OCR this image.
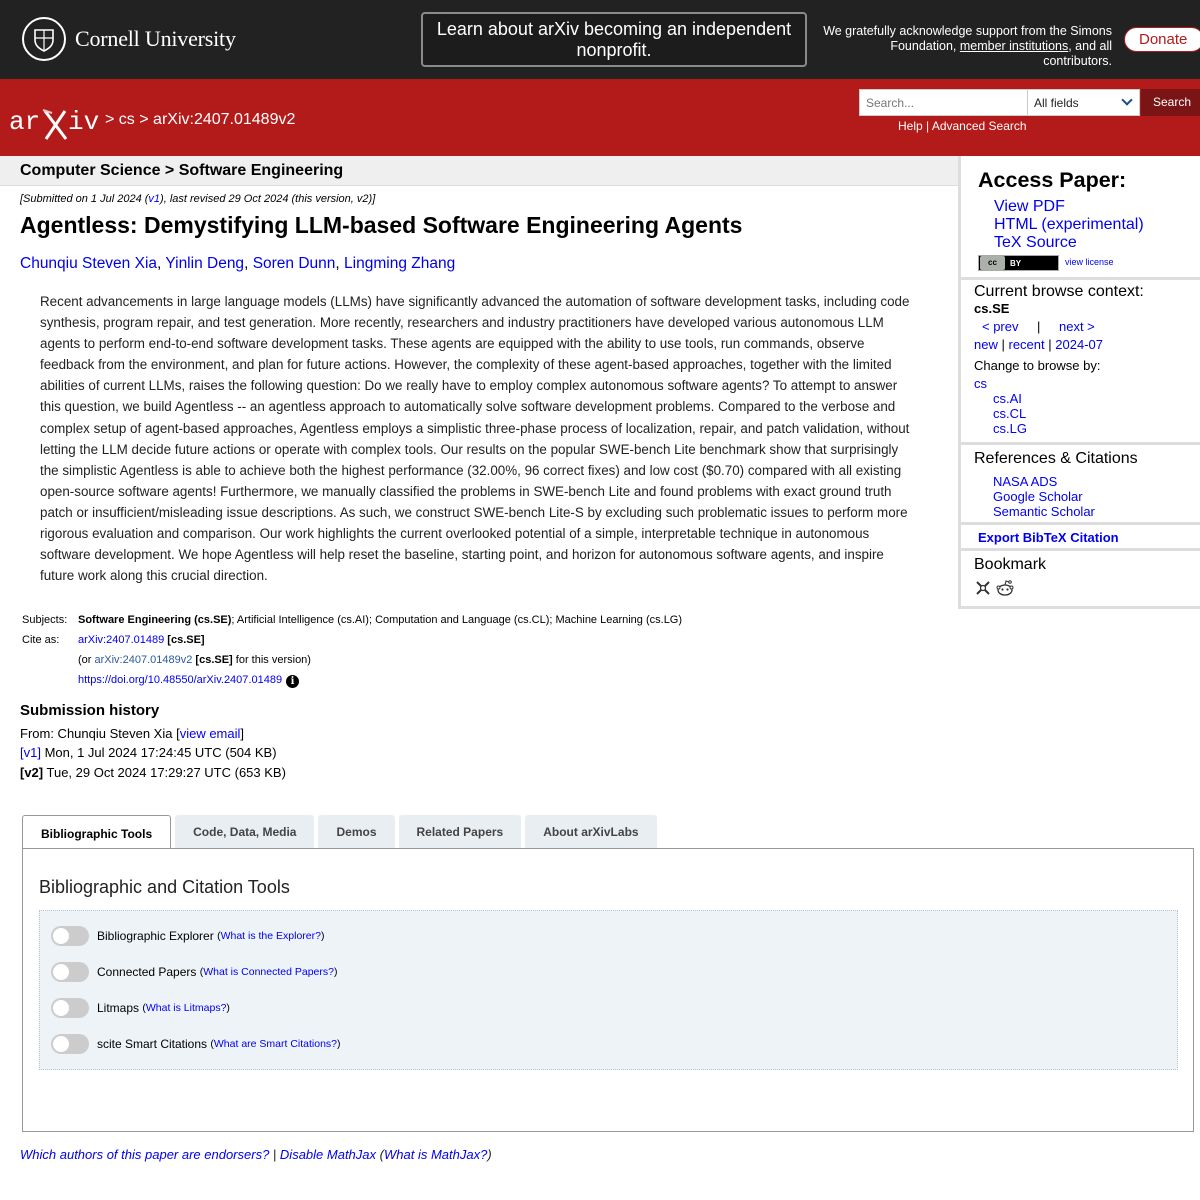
Cornell University	Learn about arXiv becoming an independent nonprofit.
We gratefully acknowledge support from the Simons Foundation, member institutions, and all contributors.
Donate
ar iv > cs > arXiv:2407.01489v2
Search...
All fields	Search
Help | Advanced Search
Computer Science > Software Engineering
[Submitted on 1 Jul 2024 (v1), last revised 29 Oct 2024 (this version, v2)]
Agentless: Demystifying LLM-based Software Engineering Agents
Chunqiu Steven Xia, Yinlin Deng, Soren Dunn, Lingming Zhang
Recent advancements in large language models (LLMs) have significantly advanced the automation of software development tasks, including code synthesis, program repair, and test generation. More recently, researchers and industry practitioners have developed various autonomous LLM agents to perform end-to-end software development tasks. These agents are equipped with the ability to use tools, run commands, observe feedback from the environment, and plan for future actions. However, the complexity of these agent-based approaches, together with the limited abilities of current LLMs, raises the following question: Do we really have to employ complex autonomous software agents? To attempt to answer this question, we build Agentless -- an agentless approach to automatically solve software development problems. Compared to the verbose and complex setup of agent-based approaches, Agentless employs a simplistic three-phase process of localization, repair, and patch validation, without letting the LLM decide future actions or operate with complex tools. Our results on the popular SWE-bench Lite benchmark show that surprisingly the simplistic Agentless is able to achieve both the highest performance (32.00%, 96 correct fixes) and low cost ($0.70) compared with all existing open-source software agents! Furthermore, we manually classified the problems in SWE-bench Lite and found problems with exact ground truth patch or insufficient/misleading issue descriptions. As such, we construct SWE-bench Lite-S by excluding such problematic issues to perform more rigorous evaluation and comparison. Our work highlights the current overlooked potential of a simple, interpretable technique in autonomous software development. We hope Agentless will help reset the baseline, starting point, and horizon for autonomous software agents, and inspire future work along this crucial direction.
Subjects: Software Engineering (cs.SE); Artificial Intelligence (cs.AI); Computation and Language (cs.CL); Machine Learning (cs.LG)
Cite as:	arXiv:2407.01489 [cs.SE]
(or arXiv:2407.01489v2 [cs.SE] for this version)
https://doi.org/10.48550/arXiv.2407.01489 i
Submission history
From: Chunqiu Steven Xia [view email]
[v1] Mon, 1 Jul 2024 17:24:45 UTC (504 KB)
[v2] Tue, 29 Oct 2024 17:29:27 UTC (653 KB)
Bibliographic Tools	Code, Data, Media	Demos	Related Papers	About arXivLabs
Bibliographic and Citation Tools
Bibliographic Explorer
(What is the Explorer?)
Connected Papers
(What is Connected Papers?)
Litmaps
(What is Litmaps?)
scite Smart Citations
(What are Smart Citations?)
Which authors of this paper are endorsers? | Disable MathJax (What is MathJax?)
Access Paper:
View PDF
HTML (experimental)
TeX Source
cc	BY	view license
Current browse context:
cs.SE
< prev | next >
new | recent | 2024-07
Change to browse by:
cs
cs.AI
cs.CL
cs.LG
References & Citations
NASA ADS
Google Scholar
Semantic Scholar
Export BibTeX Citation
Bookmark
